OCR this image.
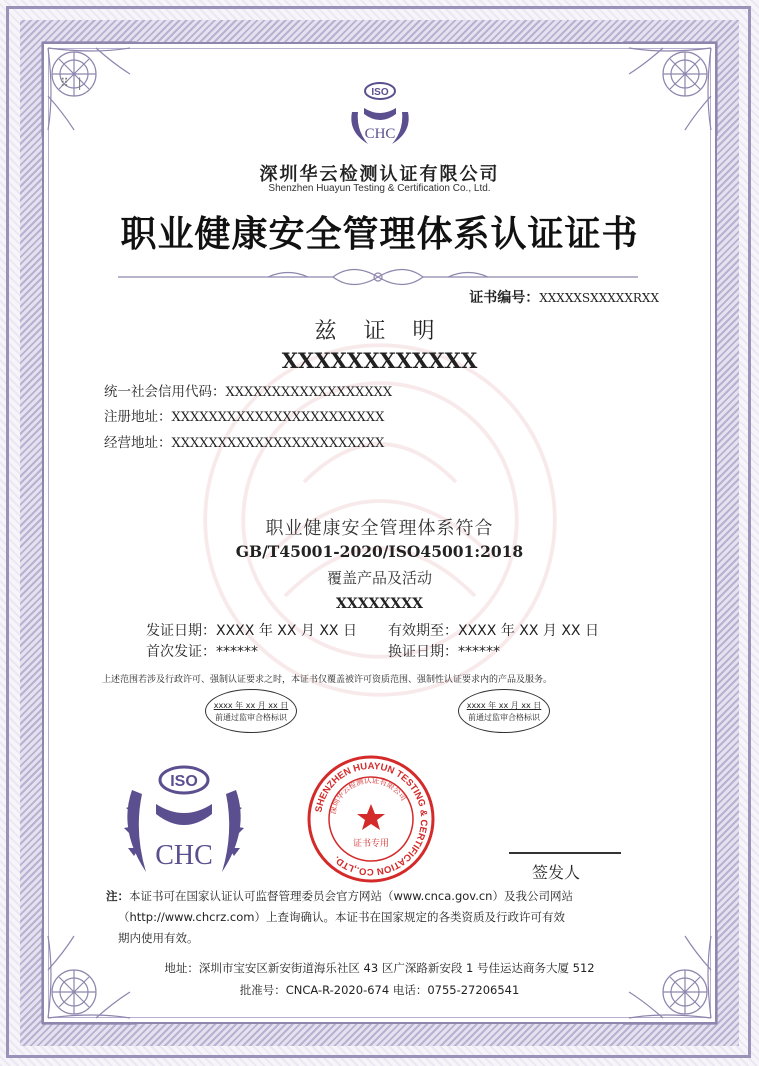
⠿ |
ISO
CHC
深圳华云检测认证有限公司
Shenzhen Huayun Testing & Certification Co., Ltd.
职业健康安全管理体系认证证书
证书编号：XXXXXSXXXXXRXX
兹 证 明
XXXXXXXXXXXX
统一社会信用代码：XXXXXXXXXXXXXXXXXX
注册地址：XXXXXXXXXXXXXXXXXXXXXXX
经营地址：XXXXXXXXXXXXXXXXXXXXXXX
职业健康安全管理体系符合
GB/T45001-2020/ISO45001:2018
覆盖产品及活动
XXXXXXXX
发证日期：XXXX 年 XX 月 XX 日 有效期至：XXXX 年 XX 月 XX 日
首次发证：******	换证日期：******
上述范围若涉及行政许可、强制认证要求之时，本证书仅覆盖被许可资质范围、强制性认证要求内的产品及服务。
xxxx 年 xx 月 xx 日
前通过监审合格标识
xxxx 年 xx 月 xx 日
前通过监审合格标识
ISO
CHC
SHENZHEN HUAYUN TESTING & CERTIFICATION CO.,LTD.
深圳华云检测认证有限公司
证书专用
签发人
注：本证书可在国家认证认可监督管理委员会官方网站（www.cnca.gov.cn）及我公司网站
（http://www.chcrz.com）上查询确认。本证书在国家规定的各类资质及行政许可有效
期内使用有效。
地址：深圳市宝安区新安街道海乐社区 43 区广深路新安段 1 号佳运达商务大厦 512
批准号：CNCA-R-2020-674 电话：0755-27206541
